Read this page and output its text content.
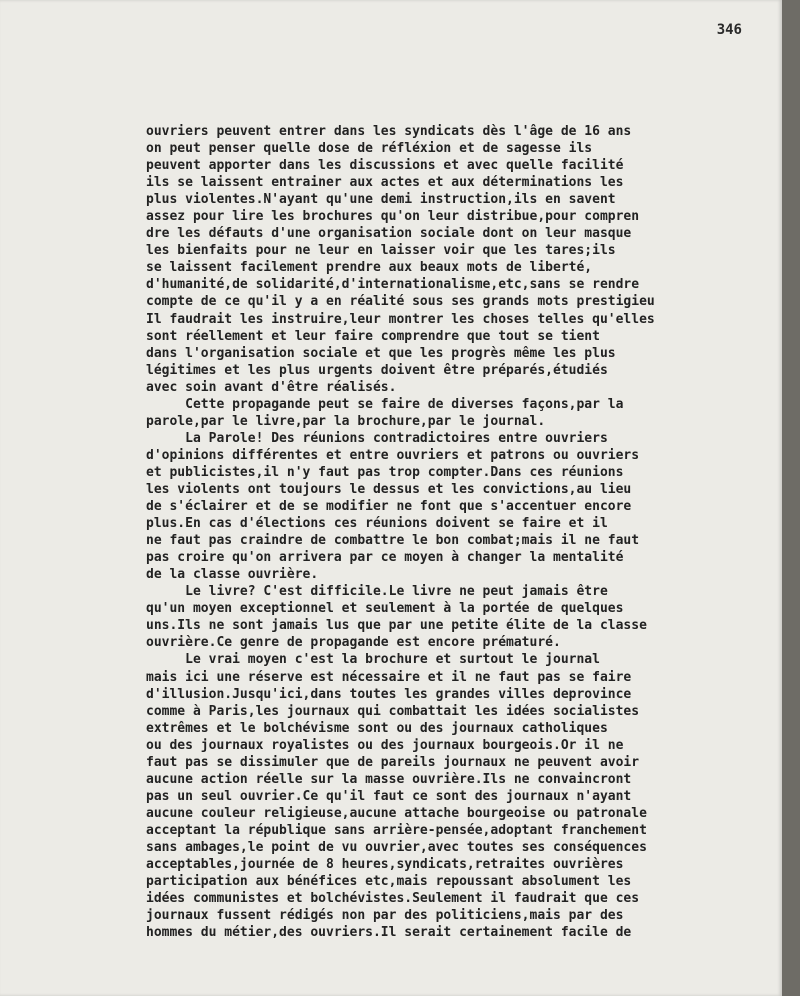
346
ouvriers peuvent entrer dans les syndicats dès l'âge de 16 ans
on peut penser quelle dose de réfléxion et de sagesse ils
peuvent apporter dans les discussions et avec quelle facilité
ils se laissent entrainer aux actes et aux déterminations les
plus violentes.N'ayant qu'une demi instruction,ils en savent
assez pour lire les brochures qu'on leur distribue,pour compren
dre les défauts d'une organisation sociale dont on leur masque
les bienfaits pour ne leur en laisser voir que les tares;ils
se laissent facilement prendre aux beaux mots de liberté,
d'humanité,de solidarité,d'internationalisme,etc,sans se rendre
compte de ce qu'il y a en réalité sous ses grands mots prestigieu
Il faudrait les instruire,leur montrer les choses telles qu'elles
sont réellement et leur faire comprendre que tout se tient
dans l'organisation sociale et que les progrès même les plus
légitimes et les plus urgents doivent être préparés,étudiés
avec soin avant d'être réalisés.
Cette propagande peut se faire de diverses façons,par la
parole,par le livre,par la brochure,par le journal.
La Parole! Des réunions contradictoires entre ouvriers
d'opinions différentes et entre ouvriers et patrons ou ouvriers
et publicistes,il n'y faut pas trop compter.Dans ces réunions
les violents ont toujours le dessus et les convictions,au lieu
de s'éclairer et de se modifier ne font que s'accentuer encore
plus.En cas d'élections ces réunions doivent se faire et il
ne faut pas craindre de combattre le bon combat;mais il ne faut
pas croire qu'on arrivera par ce moyen à changer la mentalité
de la classe ouvrière.
Le livre? C'est difficile.Le livre ne peut jamais être
qu'un moyen exceptionnel et seulement à la portée de quelques
uns.Ils ne sont jamais lus que par une petite élite de la classe
ouvrière.Ce genre de propagande est encore prématuré.
Le vrai moyen c'est la brochure et surtout le journal
mais ici une réserve est nécessaire et il ne faut pas se faire
d'illusion.Jusqu'ici,dans toutes les grandes villes deprovince
comme à Paris,les journaux qui combattait les idées socialistes
extrêmes et le bolchévisme sont ou des journaux catholiques
ou des journaux royalistes ou des journaux bourgeois.Or il ne
faut pas se dissimuler que de pareils journaux ne peuvent avoir
aucune action réelle sur la masse ouvrière.Ils ne convaincront
pas un seul ouvrier.Ce qu'il faut ce sont des journaux n'ayant
aucune couleur religieuse,aucune attache bourgeoise ou patronale
acceptant la république sans arrière-pensée,adoptant franchement
sans ambages,le point de vu ouvrier,avec toutes ses conséquences
acceptables,journée de 8 heures,syndicats,retraites ouvrières
participation aux bénéfices etc,mais repoussant absolument les
idées communistes et bolchévistes.Seulement il faudrait que ces
journaux fussent rédigés non par des politiciens,mais par des
hommes du métier,des ouvriers.Il serait certainement facile de
